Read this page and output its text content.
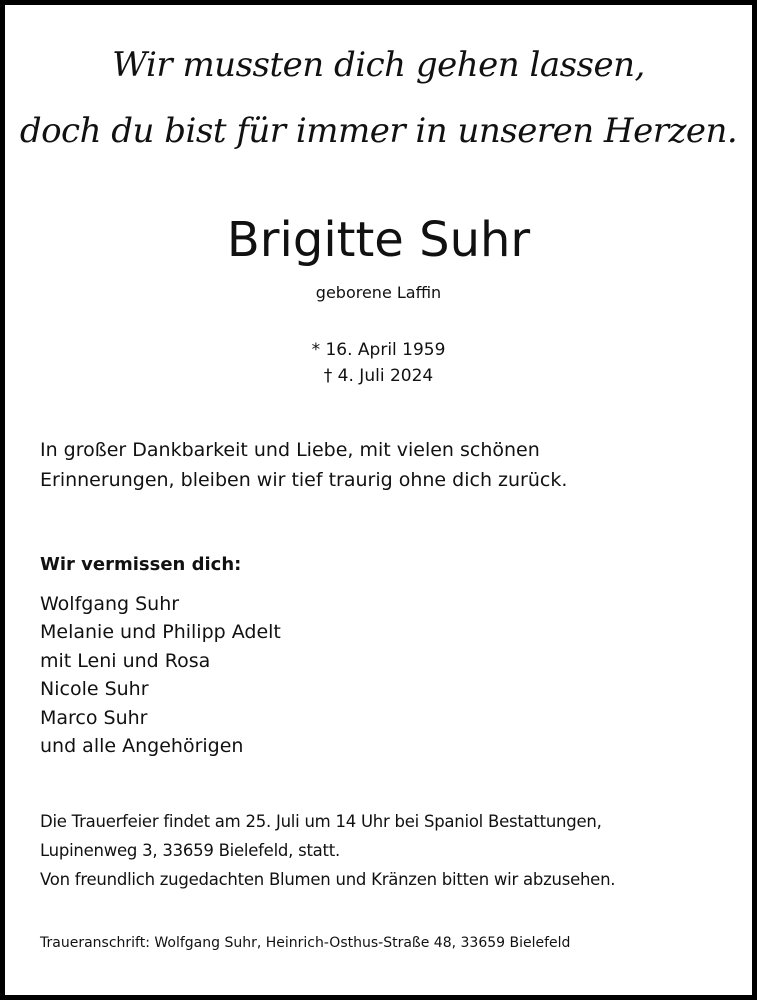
Wir mussten dich gehen lassen,
doch du bist für immer in unseren Herzen.
Brigitte Suhr
geborene Laffin
* 16. April 1959
† 4. Juli 2024
In großer Dankbarkeit und Liebe, mit vielen schönen
Erinnerungen, bleiben wir tief traurig ohne dich zurück.
Wir vermissen dich:
Wolfgang Suhr
Melanie und Philipp Adelt
mit Leni und Rosa
Nicole Suhr
Marco Suhr
und alle Angehörigen
Die Trauerfeier findet am 25. Juli um 14 Uhr bei Spaniol Bestattungen,
Lupinenweg 3, 33659 Bielefeld, statt.
Von freundlich zugedachten Blumen und Kränzen bitten wir abzusehen.
Traueranschrift: Wolfgang Suhr, Heinrich-Osthus-Straße 48, 33659 Bielefeld
